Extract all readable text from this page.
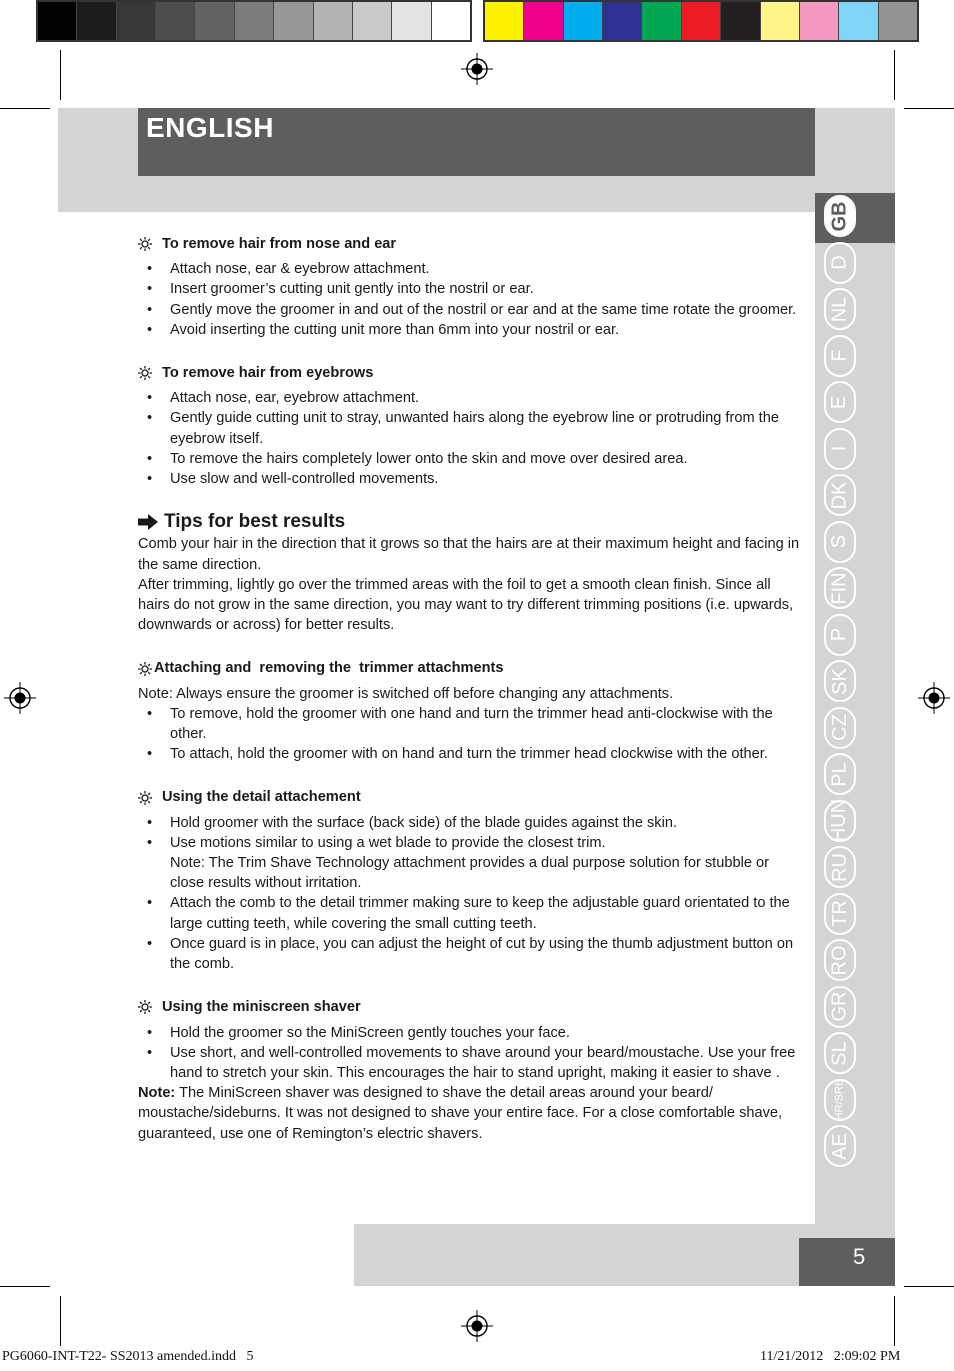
ENGLISH
GB
D
NL
F
E
I
DK
S
FIN
P
SK
CZ
PL
HUN
RU
TR
RO
GR
SL
HR/SRB
AE
5
To remove hair from nose and ear
• Attach nose, ear & eyebrow attachment.
• Insert groomer’s cutting unit gently into the nostril or ear.
• Gently move the groomer in and out of the nostril or ear and at the same time rotate the groomer.
• Avoid inserting the cutting unit more than 6mm into your nostril or ear.
To remove hair from eyebrows
• Attach nose, ear, eyebrow attachment.
• Gently guide cutting unit to stray, unwanted hairs along the eyebrow line or protruding from the eyebrow itself.
• To remove the hairs completely lower onto the skin and move over desired area.
• Use slow and well-controlled movements.
Tips for best results

Comb your hair in the direction that it grows so that the hairs are at their maximum height and facing in the same direction.

After trimming, lightly go over the trimmed areas with the foil to get a smooth clean finish. Since all hairs do not grow in the same direction, you may want to try different trimming positions (i.e. upwards, downwards or across) for better results.

Attaching and  removing the  trimmer attachments

Note: Always ensure the groomer is switched off before changing any attachments.

• To remove, hold the groomer with one hand and turn the trimmer head anti-clockwise with the other.
• To attach, hold the groomer with on hand and turn the trimmer head clockwise with the other.
Using the detail attachement
• Hold groomer with the surface (back side) of the blade guides against the skin.
• Use motions similar to using a wet blade to provide the closest trim.
Note: The Trim Shave Technology attachment provides a dual purpose solution for stubble or close results without irritation.
• Attach the comb to the detail trimmer making sure to keep the adjustable guard orientated to the large cutting teeth, while covering the small cutting teeth.
• Once guard is in place, you can adjust the height of cut by using the thumb adjustment button on the comb.
Using the miniscreen shaver
• Hold the groomer so the MiniScreen gently touches your face.
• Use short, and well-controlled movements to shave around your beard/moustache. Use your free hand to stretch your skin. This encourages the hair to stand upright, making it easier to shave .

Note: The MiniScreen shaver was designed to shave the detail areas around your beard/ moustache/sideburns. It was not designed to shave your entire face. For a close comfortable shave, guaranteed, use one of Remington’s electric shavers.

PG6060-INT-T22- SS2013 amended.indd   5	11/21/2012   2:09:02 PM
